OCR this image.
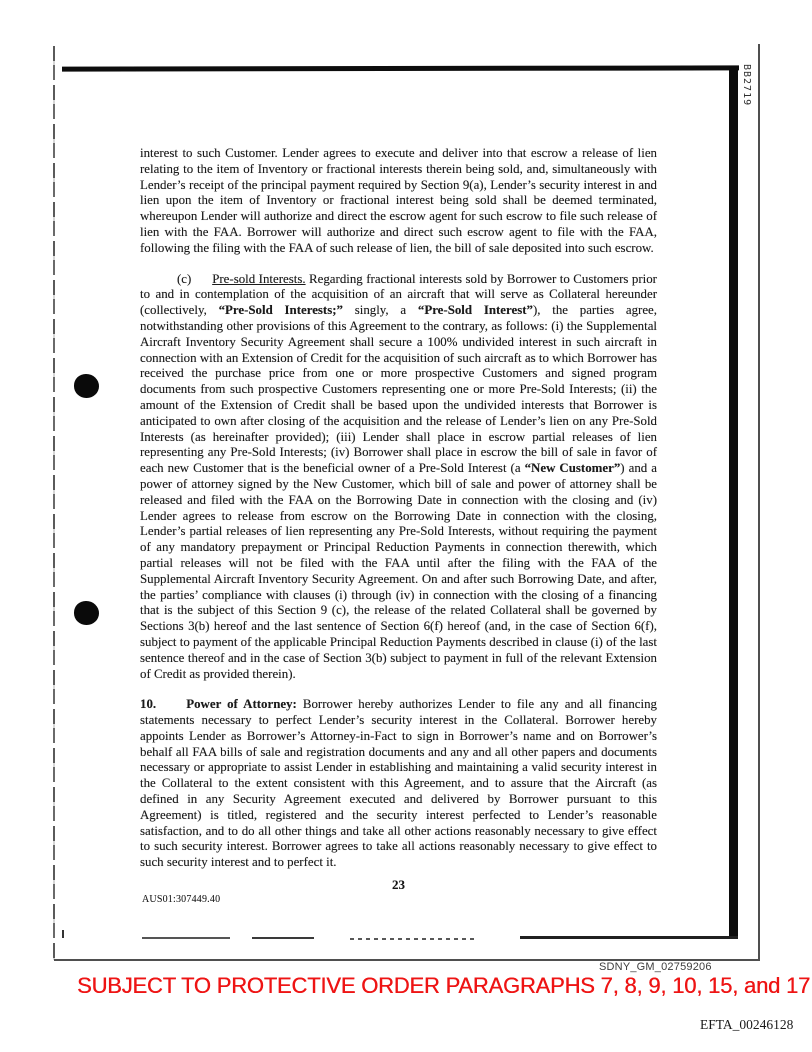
BB2719

interest to such Customer. Lender agrees to execute and deliver into that escrow a release of lien relating to the item of Inventory or fractional interests therein being sold, and, simultaneously with Lender’s receipt of the principal payment required by Section 9(a), Lender’s security interest in and lien upon the item of Inventory or fractional interest being sold shall be deemed terminated, whereupon Lender will authorize and direct the escrow agent for such escrow to file such release of lien with the FAA. Borrower will authorize and direct such escrow agent to file with the FAA, following the filing with the FAA of such release of lien, the bill of sale deposited into such escrow.

(c)      Pre-sold Interests. Regarding fractional interests sold by Borrower to Customers prior to and in contemplation of the acquisition of an aircraft that will serve as Collateral hereunder (collectively, “Pre-Sold Interests;” singly, a “Pre-Sold Interest”), the parties agree, notwithstanding other provisions of this Agreement to the contrary, as follows: (i) the Supplemental Aircraft Inventory Security Agreement shall secure a 100% undivided interest in such aircraft in connection with an Extension of Credit for the acquisition of such aircraft as to which Borrower has received the purchase price from one or more prospective Customers and signed program documents from such prospective Customers representing one or more Pre-Sold Interests; (ii) the amount of the Extension of Credit shall be based upon the undivided interests that Borrower is anticipated to own after closing of the acquisition and the release of Lender’s lien on any Pre-Sold Interests (as hereinafter provided); (iii) Lender shall place in escrow partial releases of lien representing any Pre-Sold Interests; (iv) Borrower shall place in escrow the bill of sale in favor of each new Customer that is the beneficial owner of a Pre-Sold Interest (a “New Customer”) and a power of attorney signed by the New Customer, which bill of sale and power of attorney shall be released and filed with the FAA on the Borrowing Date in connection with the closing and (iv) Lender agrees to release from escrow on the Borrowing Date in connection with the closing, Lender’s partial releases of lien representing any Pre-Sold Interests, without requiring the payment of any mandatory prepayment or Principal Reduction Payments in connection therewith, which partial releases will not be filed with the FAA until after the filing with the FAA of the Supplemental Aircraft Inventory Security Agreement. On and after such Borrowing Date, and after, the parties’ compliance with clauses (i) through (iv) in connection with the closing of a financing that is the subject of this Section 9 (c), the release of the related Collateral shall be governed by Sections 3(b) hereof and the last sentence of Section 6(f) hereof (and, in the case of Section 6(f), subject to payment of the applicable Principal Reduction Payments described in clause (i) of the last sentence thereof and in the case of Section 3(b) subject to payment in full of the relevant Extension of Credit as provided therein).

10. Power of Attorney: Borrower hereby authorizes Lender to file any and all financing statements necessary to perfect Lender’s security interest in the Collateral. Borrower hereby appoints Lender as Borrower’s Attorney-in-Fact to sign in Borrower’s name and on Borrower’s behalf all FAA bills of sale and registration documents and any and all other papers and documents necessary or appropriate to assist Lender in establishing and maintaining a valid security interest in the Collateral to the extent consistent with this Agreement, and to assure that the Aircraft (as defined in any Security Agreement executed and delivered by Borrower pursuant to this Agreement) is titled, registered and the security interest perfected to Lender’s reasonable satisfaction, and to do all other things and take all other actions reasonably necessary to give effect to such security interest. Borrower agrees to take all actions reasonably necessary to give effect to such security interest and to perfect it.

23
AUS01:307449.40
SDNY_GM_02759206
SUBJECT TO PROTECTIVE ORDER PARAGRAPHS 7, 8, 9, 10, 15, and 17
EFTA_00246128
